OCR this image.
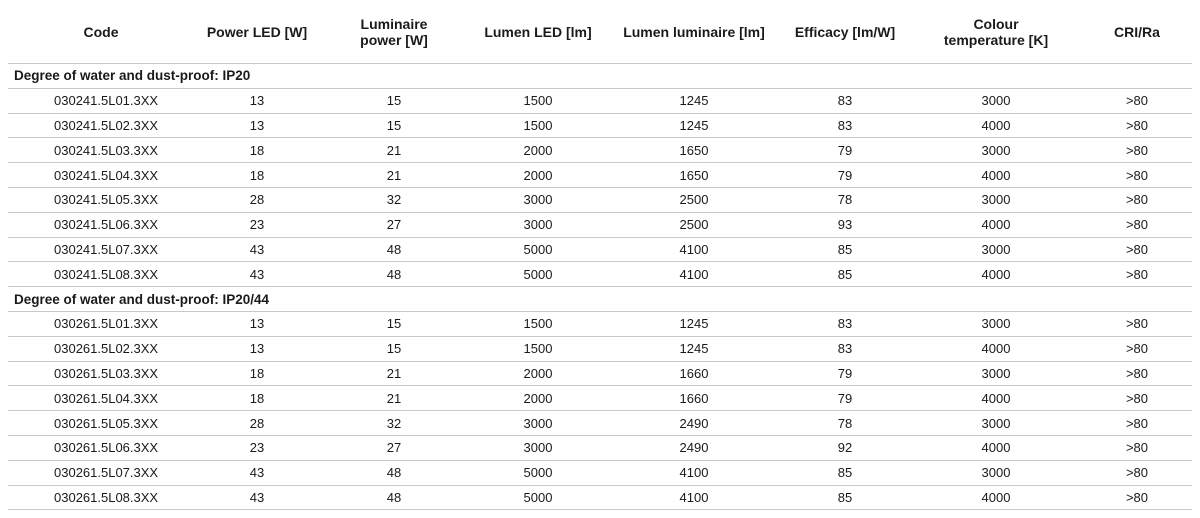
Code	Power LED [W]	Luminaire
power [W]	Lumen LED [lm]	Lumen luminaire [lm]	Efficacy [lm/W]	Colour
temperature [K]	CRI/Ra
Degree of water and dust-proof: IP20							
030241.5L01.3XX	13	15	1500	1245	83	3000	>80
030241.5L02.3XX	13	15	1500	1245	83	4000	>80
030241.5L03.3XX	18	21	2000	1650	79	3000	>80
030241.5L04.3XX	18	21	2000	1650	79	4000	>80
030241.5L05.3XX	28	32	3000	2500	78	3000	>80
030241.5L06.3XX	23	27	3000	2500	93	4000	>80
030241.5L07.3XX	43	48	5000	4100	85	3000	>80
030241.5L08.3XX	43	48	5000	4100	85	4000	>80
Degree of water and dust-proof: IP20/44							
030261.5L01.3XX	13	15	1500	1245	83	3000	>80
030261.5L02.3XX	13	15	1500	1245	83	4000	>80
030261.5L03.3XX	18	21	2000	1660	79	3000	>80
030261.5L04.3XX	18	21	2000	1660	79	4000	>80
030261.5L05.3XX	28	32	3000	2490	78	3000	>80
030261.5L06.3XX	23	27	3000	2490	92	4000	>80
030261.5L07.3XX	43	48	5000	4100	85	3000	>80
030261.5L08.3XX	43	48	5000	4100	85	4000	>80
